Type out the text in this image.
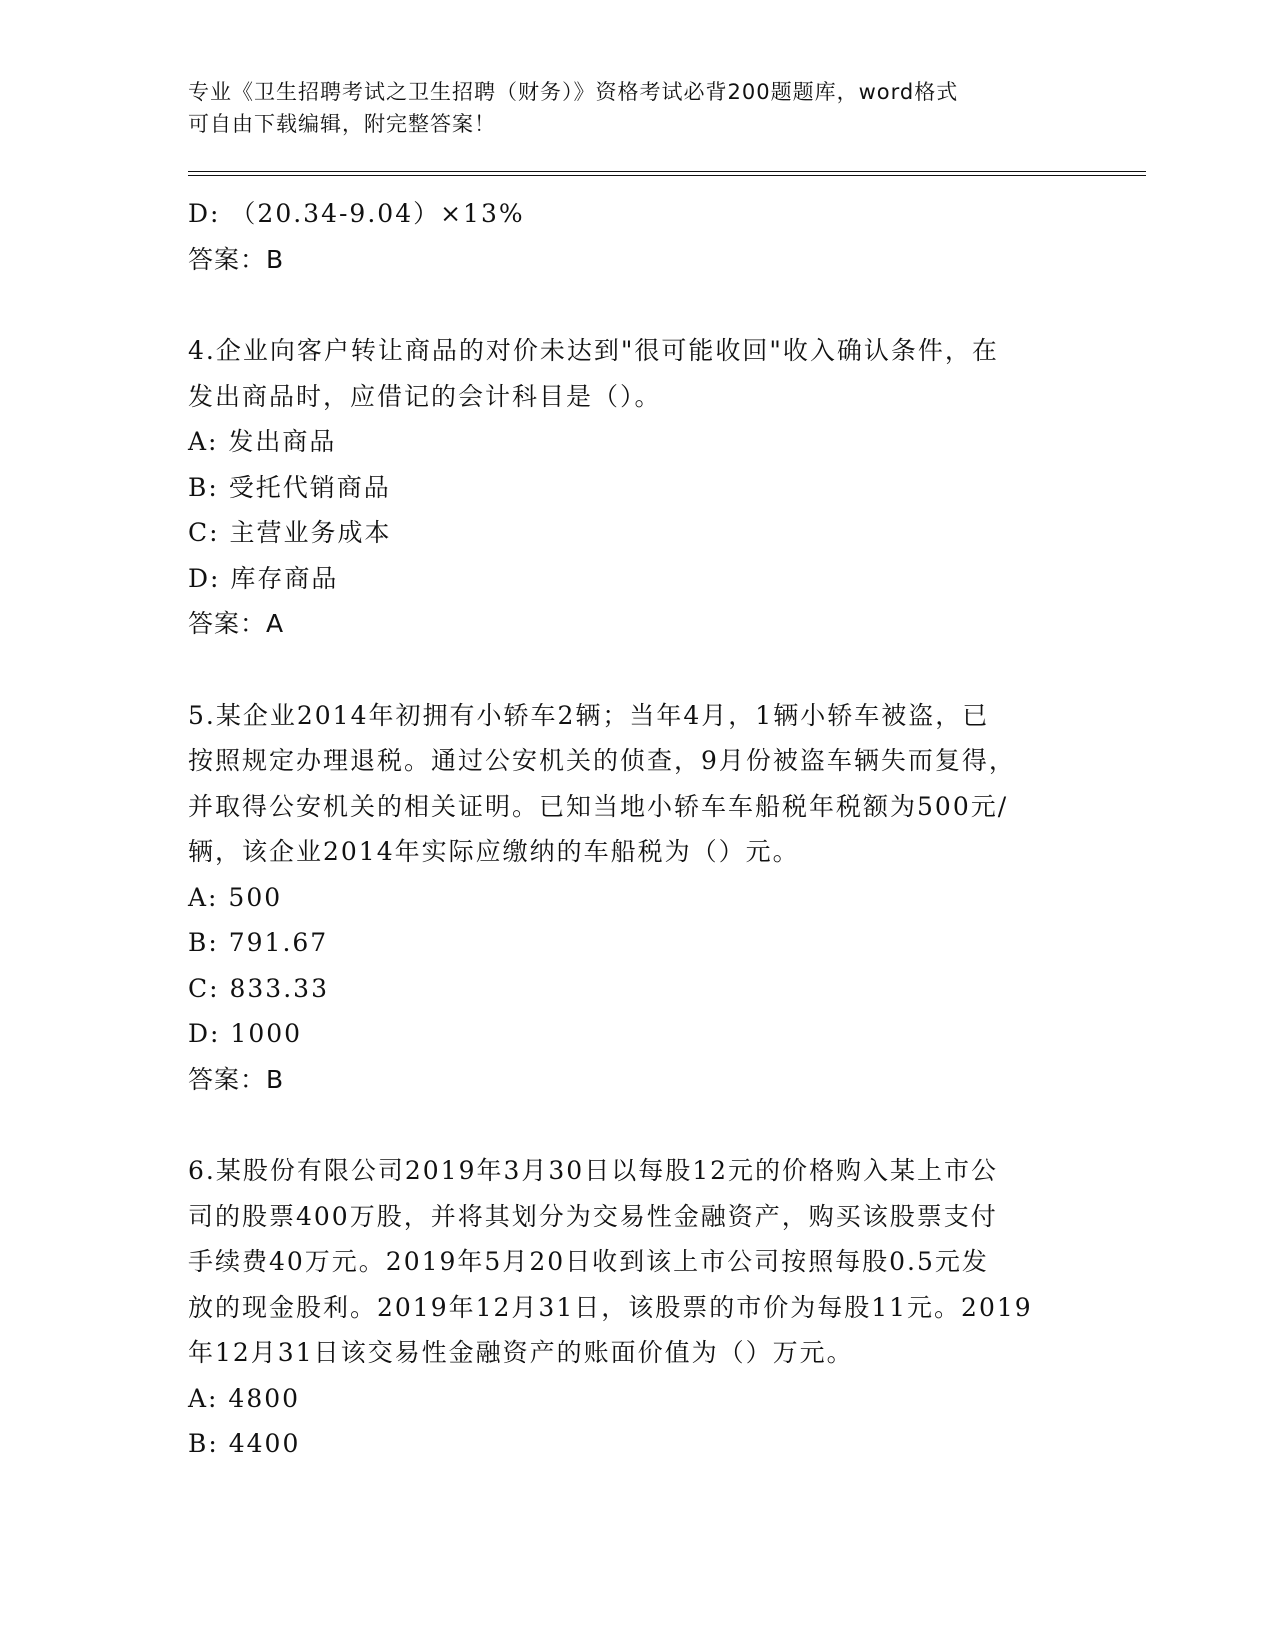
专业《卫生招聘考试之卫生招聘（财务）》资格考试必背200题题库，word格式
可自由下载编辑，附完整答案！
D: （20.34-9.04）×13%
答案：B
4.企业向客户转让商品的对价未达到"很可能收回"收入确认条件，在
发出商品时，应借记的会计科目是（）。
A: 发出商品
B: 受托代销商品
C: 主营业务成本
D: 库存商品
答案：A
5.某企业2014年初拥有小轿车2辆；当年4月，1辆小轿车被盗，已
按照规定办理退税。通过公安机关的侦查，9月份被盗车辆失而复得，
并取得公安机关的相关证明。已知当地小轿车车船税年税额为500元/
辆，该企业2014年实际应缴纳的车船税为（）元。
A: 500
B: 791.67
C: 833.33
D: 1000
答案：B
6.某股份有限公司2019年3月30日以每股12元的价格购入某上市公
司的股票400万股，并将其划分为交易性金融资产，购买该股票支付
手续费40万元。2019年5月20日收到该上市公司按照每股0.5元发
放的现金股利。2019年12月31日，该股票的市价为每股11元。2019
年12月31日该交易性金融资产的账面价值为（）万元。
A: 4800
B: 4400
